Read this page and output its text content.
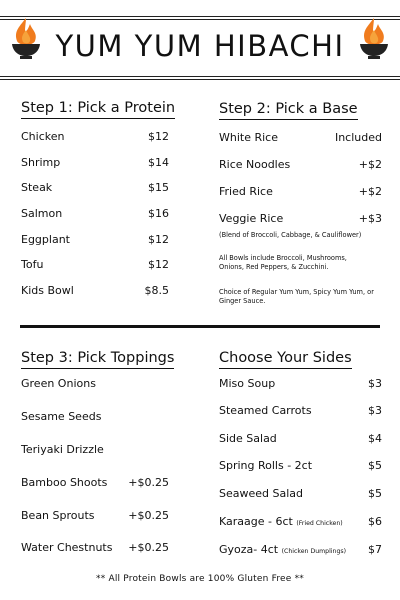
YUM YUM HIBACHI
Step 1: Pick a Protein
Chicken	$12
Shrimp	$14
Steak	$15
Salmon	$16
Eggplant	$12
Tofu	$12
Kids Bowl	$8.5
Step 2: Pick a Base
White Rice	Included
Rice Noodles	+$2
Fried Rice	+$2
Veggie Rice	+$3
(Blend of Broccoli, Cabbage, & Cauliflower)
All Bowls include Broccoli, Mushrooms, Onions, Red Peppers, & Zucchini.
Choice of Regular Yum Yum, Spicy Yum Yum, or Ginger Sauce.
Step 3: Pick Toppings
Green Onions
Sesame Seeds
Teriyaki Drizzle
Bamboo Shoots +$0.25
Bean Sprouts	+$0.25
Water Chestnuts +$0.25
Choose Your Sides
Miso Soup	$3
Steamed Carrots	$3
Side Salad	$4
Spring Rolls - 2ct	$5
Seaweed Salad	$5
Karaage - 6ct (Fried Chicken) $6
Gyoza- 4ct (Chicken Dumplings) $7
** All Protein Bowls are 100% Gluten Free **
